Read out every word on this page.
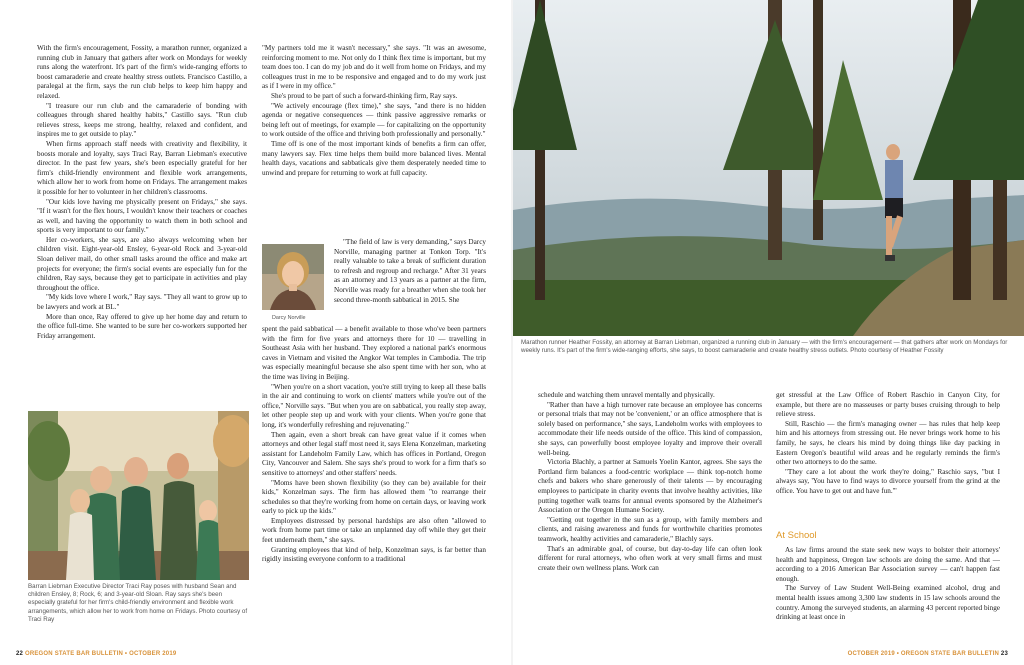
With the firm's encouragement, Fossity, a marathon runner, organized a running club in January that gathers after work on Mondays for weekly runs along the waterfront. It's part of the firm's wide-ranging efforts to boost camaraderie and create healthy stress outlets. Francisco Castillo, a paralegal at the firm, says the run club helps to keep him happy and relaxed.

"I treasure our run club and the camaraderie of bonding with colleagues through shared healthy habits," Castillo says. "Run club relieves stress, keeps me strong, healthy, relaxed and confident, and inspires me to get outside to play."

When firms approach staff needs with creativity and flexibility, it boosts morale and loyalty, says Traci Ray, Barran Liebman's executive director. In the past few years, she's been especially grateful for her firm's child-friendly environment and flexible work arrangements, which allow her to work from home on Fridays. The arrangement makes it possible for her to volunteer in her children's classrooms.

"Our kids love having me physically present on Fridays," she says. "If it wasn't for the flex hours, I wouldn't know their teachers or coaches as well, and having the opportunity to watch them in both school and sports is very important to our family."

Her co-workers, she says, are also always welcoming when her children visit. Eight-year-old Ensley, 6-year-old Rock and 3-year-old Sloan deliver mail, do other small tasks around the office and make art projects for everyone; the firm's social events are especially fun for the children, Ray says, because they get to participate in activities and play throughout the office.

"My kids love where I work," Ray says. "They all want to grow up to be lawyers and work at BL."

More than once, Ray offered to give up her home day and return to the office full-time. She wanted to be sure her co-workers supported her Friday arrangement.

"My partners told me it wasn't necessary," she says. "It was an awesome, reinforcing moment to me. Not only do I think flex time is important, but my team does too. I can do my job and do it well from home on Fridays, and my colleagues trust in me to be responsive and engaged and to do my work just as if I were in my office."

She's proud to be part of such a forward-thinking firm, Ray says.

"We actively encourage (flex time)," she says, "and there is no hidden agenda or negative consequences — think passive aggressive remarks or being left out of meetings, for example — for capitalizing on the opportunity to work outside of the office and thriving both professionally and personally."

Time off is one of the most important kinds of benefits a firm can offer, many lawyers say. Flex time helps them build more balanced lives. Mental health days, vacations and sabbaticals give them desperately needed time to unwind and prepare for returning to work at full capacity.

Darcy Norville

"The field of law is very demanding," says Darcy Norville, managing partner at Tonkon Torp. "It's really valuable to take a break of sufficient duration to refresh and regroup and recharge." After 31 years as an attorney and 13 years as a partner at the firm, Norville was ready for a breather when she took her second three-month sabbatical in 2015. She

spent the paid sabbatical — a benefit available to those who've been partners with the firm for five years and attorneys there for 10 — travelling in Southeast Asia with her husband. They explored a national park's enormous caves in Vietnam and visited the Angkor Wat temples in Cambodia. The trip was especially meaningful because she also spent time with her son, who at the time was living in Beijing.

"When you're on a short vacation, you're still trying to keep all these balls in the air and continuing to work on clients' matters while you're out of the office," Norville says. "But when you are on sabbatical, you really step away, let other people step up and work with your clients. When you're gone that long, it's wonderfully refreshing and rejuvenating."

Then again, even a short break can have great value if it comes when attorneys and other legal staff most need it, says Elena Konzelman, marketing assistant for Landeholm Family Law, which has offices in Portland, Oregon City, Vancouver and Salem. She says she's proud to work for a firm that's so sensitive to attorneys' and other staffers' needs.

"Moms have been shown flexibility (so they can be) available for their kids," Konzelman says. The firm has allowed them "to rearrange their schedules so that they're working from home on certain days, or leaving work early to pick up the kids."

Employees distressed by personal hardships are also often "allowed to work from home part time or take an unplanned day off while they get their feet underneath them," she says.

Granting employees that kind of help, Konzelman says, is far better than rigidly insisting everyone conform to a traditional

Barran Liebman Executive Director Traci Ray poses with husband Sean and children Ensley, 8; Rock, 6; and 3-year-old Sloan. Ray says she's been especially grateful for her firm's child-friendly environment and flexible work arrangements, which allow her to work from home on Fridays. Photo courtesy of Traci Ray
22 OREGON STATE BAR BULLETIN • OCTOBER 2019
Marathon runner Heather Fossity, an attorney at Barran Liebman, organized a running club in January — with the firm's encouragement — that gathers after work on Mondays for weekly runs. It's part of the firm's wide-ranging efforts, she says, to boost camaraderie and create healthy stress outlets. Photo courtesy of Heather Fossity

schedule and watching them unravel mentally and physically.

"Rather than have a high turnover rate because an employee has concerns or personal trials that may not be 'convenient,' or an office atmosphere that is solely based on performance," she says, Landeholm works with employees to accommodate their life needs outside of the office. This kind of compassion, she says, can powerfully boost employee loyalty and improve their overall well-being.

Victoria Blachly, a partner at Samuels Yoelin Kantor, agrees. She says the Portland firm balances a food-centric workplace — think top-notch home chefs and bakers who share generously of their talents — by encouraging employees to participate in charity events that involve healthy activities, like putting together walk teams for annual events sponsored by the Alzheimer's Association or the Oregon Humane Society.

"Getting out together in the sun as a group, with family members and clients, and raising awareness and funds for worthwhile charities promotes teamwork, healthy activities and camaraderie," Blachly says.

That's an admirable goal, of course, but day-to-day life can often look different for rural attorneys, who often work at very small firms and must create their own wellness plans. Work can

get stressful at the Law Office of Robert Raschio in Canyon City, for example, but there are no masseuses or party buses cruising through to help relieve stress.

Still, Raschio — the firm's managing owner — has rules that help keep him and his attorneys from stressing out. He never brings work home to his family, he says, he clears his mind by doing things like day packing in Eastern Oregon's beautiful wild areas and he regularly reminds the firm's other two attorneys to do the same.

"They care a lot about the work they're doing," Raschio says, "but I always say, 'You have to find ways to divorce yourself from the grind at the office. You have to get out and have fun.'"

At School

As law firms around the state seek new ways to bolster their attorneys' health and happiness, Oregon law schools are doing the same. And that — according to a 2016 American Bar Association survey — can't happen fast enough.

The Survey of Law Student Well-Being examined alcohol, drug and mental health issues among 3,300 law students in 15 law schools around the country. Among the surveyed students, an alarming 43 percent reported binge drinking at least once in

OCTOBER 2019 • OREGON STATE BAR BULLETIN 23
